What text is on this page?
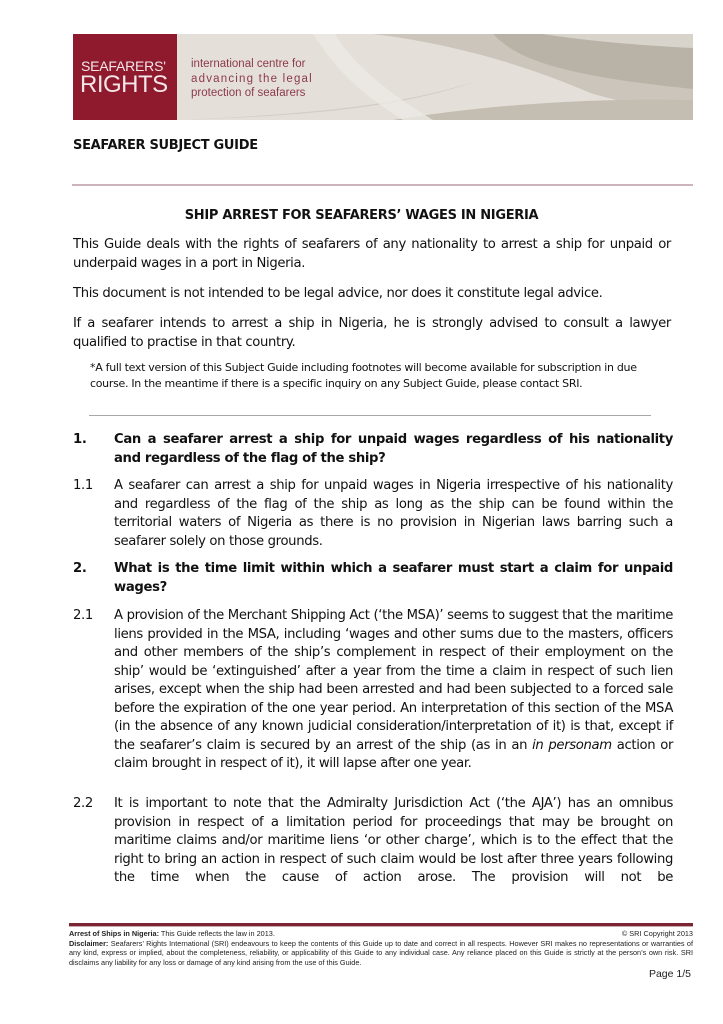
SEAFARERS'
RIGHTS
international centre for
advancing the legal
protection of seafarers
SEAFARER SUBJECT GUIDE
SHIP ARREST FOR SEAFARERS’ WAGES IN NIGERIA
This Guide deals with the rights of seafarers of any nationality to arrest a ship for unpaid or underpaid wages in a port in Nigeria.
This document is not intended to be legal advice, nor does it constitute legal advice.
If a seafarer intends to arrest a ship in Nigeria, he is strongly advised to consult a lawyer qualified to practise in that country.
*A full text version of this Subject Guide including footnotes will become available for subscription in due course. In the meantime if there is a specific inquiry on any Subject Guide, please contact SRI.
1. Can a seafarer arrest a ship for unpaid wages regardless of his nationality and regardless of the flag of the ship?
1.1 A seafarer can arrest a ship for unpaid wages in Nigeria irrespective of his nationality and regardless of the flag of the ship as long as the ship can be found within the territorial waters of Nigeria as there is no provision in Nigerian laws barring such a seafarer solely on those grounds.
2. What is the time limit within which a seafarer must start a claim for unpaid wages?
2.1 A provision of the Merchant Shipping Act (‘the MSA)’ seems to suggest that the maritime liens provided in the MSA, including ‘wages and other sums due to the masters, officers and other members of the ship’s complement in respect of their employment on the ship’ would be ‘extinguished’ after a year from the time a claim in respect of such lien arises, except when the ship had been arrested and had been subjected to a forced sale before the expiration of the one year period. An interpretation of this section of the MSA (in the absence of any known judicial consideration/interpretation of it) is that, except if the seafarer’s claim is secured by an arrest of the ship (as in an in personam action or claim brought in respect of it), it will lapse after one year.
2.2 It is important to note that the Admiralty Jurisdiction Act (‘the AJA’) has an omnibus provision in respect of a limitation period for proceedings that may be brought on maritime claims and/or maritime liens ‘or other charge’, which is to the effect that the right to bring an action in respect of such claim would be lost after three years following the time when the cause of action arose. The provision will not be
Arrest of Ships in Nigeria: This Guide reflects the law in 2013.	© SRI Copyright 2013
Disclaimer: Seafarers’ Rights International (SRI) endeavours to keep the contents of this Guide up to date and correct in all respects. However SRI makes no representations or warranties of any kind, express or implied, about the completeness, reliability, or applicability of this Guide to any individual case. Any reliance placed on this Guide is strictly at the person’s own risk. SRI disclaims any liability for any loss or damage of any kind arising from the use of this Guide.
Page 1/5
